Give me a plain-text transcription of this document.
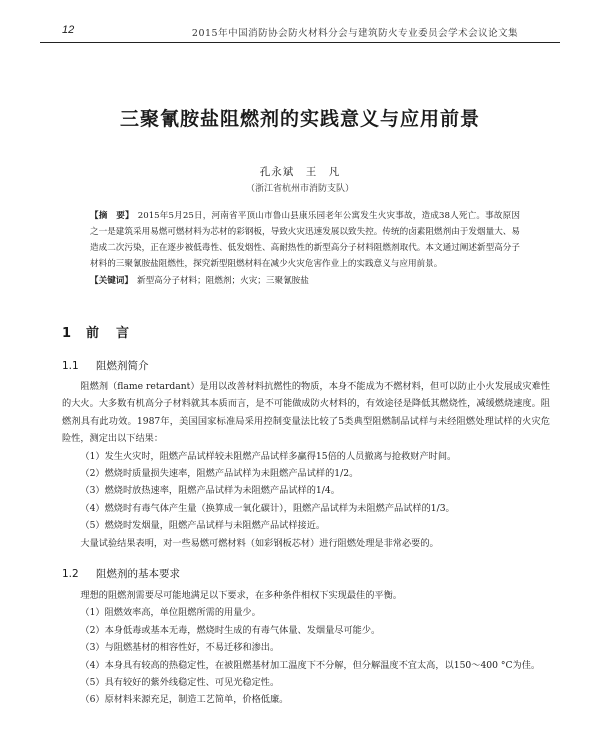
12	2015年中国消防协会防火材料分会与建筑防火专业委员会学术会议论文集
三聚氰胺盐阻燃剂的实践意义与应用前景
孔永斌　王　凡
（浙江省杭州市消防支队）

【摘　要】 2015年5月25日，河南省平顶山市鲁山县康乐园老年公寓发生火灾事故，造成38人死亡。事故原因之一是建筑采用易燃可燃材料为芯材的彩钢板，导致火灾迅速发展以致失控。传统的卤素阻燃剂由于发烟量大、易造成二次污染，正在逐步被低毒性、低发烟性、高耐热性的新型高分子材料阻燃剂取代。本文通过阐述新型高分子材料的三聚氰胺盐阻燃性，探究新型阻燃材料在减少火灾危害作业上的实践意义与应用前景。

【关键词】 新型高分子材料；阻燃剂；火灾；三聚氰胺盐

1 前　言
1.1 阻燃剂简介

阻燃剂（flame retardant）是用以改善材料抗燃性的物质，本身不能成为不燃材料，但可以防止小火发展成灾难性的大火。大多数有机高分子材料就其本质而言，是不可能做成防火材料的，有效途径是降低其燃烧性，减缓燃烧速度。阻燃剂具有此功效。1987年，美国国家标准局采用控制变量法比较了5类典型阻燃制品试样与未经阻燃处理试样的火灾危险性，测定出以下结果：

（1）发生火灾时，阻燃产品试样较未阻燃产品试样多赢得15倍的人员撤离与抢救财产时间。

（2）燃烧时质量损失速率，阻燃产品试样为未阻燃产品试样的1/2。

（3）燃烧时放热速率，阻燃产品试样为未阻燃产品试样的1/4。

（4）燃烧时有毒气体产生量（换算成一氧化碳计），阻燃产品试样为未阻燃产品试样的1/3。

（5）燃烧时发烟量，阻燃产品试样与未阻燃产品试样接近。

大量试验结果表明，对一些易燃可燃材料（如彩钢板芯材）进行阻燃处理是非常必要的。

1.2 阻燃剂的基本要求

理想的阻燃剂需要尽可能地满足以下要求，在多种条件相权下实现最佳的平衡。

（1）阻燃效率高，单位阻燃所需的用量少。

（2）本身低毒或基本无毒，燃烧时生成的有毒气体量、发烟量尽可能少。

（3）与阻燃基材的相容性好，不易迁移和渗出。

（4）本身具有较高的热稳定性，在被阻燃基材加工温度下不分解，但分解温度不宜太高，以150～400 °C为佳。

（5）具有较好的紫外线稳定性、可见光稳定性。

（6）原材料来源充足，制造工艺简单，价格低廉。
